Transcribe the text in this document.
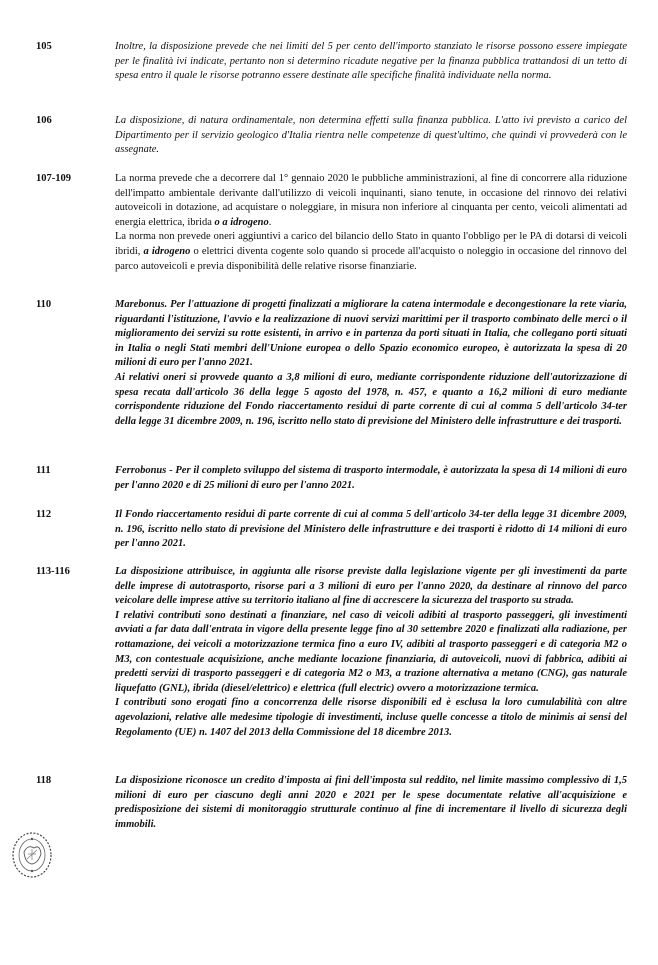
105	Inoltre, la disposizione prevede che nei limiti del 5 per cento dell'importo stanziato le risorse possono essere impiegate per le finalità ivi indicate, pertanto non si determino ricadute negative per la finanza pubblica trattandosi di un tetto di spesa entro il quale le risorse potranno essere destinate alle specifiche finalità individuate nella norma.

106	La disposizione, di natura ordinamentale, non determina effetti sulla finanza pubblica. L'atto ivi previsto a carico del Dipartimento per il servizio geologico d'Italia rientra nelle competenze di quest'ultimo, che quindi vi provvederà con le assegnate.

107-109	La norma prevede che a decorrere dal 1° gennaio 2020 le pubbliche amministrazioni, al fine di concorrere alla riduzione dell'impatto ambientale derivante dall'utilizzo di veicoli inquinanti, siano tenute, in occasione del rinnovo dei relativi autoveicoli in dotazione, ad acquistare o noleggiare, in misura non inferiore al cinquanta per cento, veicoli alimentati ad energia elettrica, ibrida o a idrogeno.

La norma non prevede oneri aggiuntivi a carico del bilancio dello Stato in quanto l'obbligo per le PA di dotarsi di veicoli ibridi, a idrogeno o elettrici diventa cogente solo quando si procede all'acquisto o noleggio in occasione del rinnovo del parco autoveicoli e previa disponibilità delle relative risorse finanziarie.

110	Marebonus. Per l'attuazione di progetti finalizzati a migliorare la catena intermodale e decongestionare la rete viaria, riguardanti l'istituzione, l'avvio e la realizzazione di nuovi servizi marittimi per il trasporto combinato delle merci o il miglioramento dei servizi su rotte esistenti, in arrivo e in partenza da porti situati in Italia, che collegano porti situati in Italia o negli Stati membri dell'Unione europea o dello Spazio economico europeo, è autorizzata la spesa di 20 milioni di euro per l'anno 2021.

Ai relativi oneri si provvede quanto a 3,8 milioni di euro, mediante corrispondente riduzione dell'autorizzazione di spesa recata dall'articolo 36 della legge 5 agosto del 1978, n. 457, e quanto a 16,2 milioni di euro mediante corrispondente riduzione del Fondo riaccertamento residui di parte corrente di cui al comma 5 dell'articolo 34-ter della legge 31 dicembre 2009, n. 196, iscritto nello stato di previsione del Ministero delle infrastrutture e dei trasporti.

111	Ferrobonus - Per il completo sviluppo del sistema di trasporto intermodale, è autorizzata la spesa di 14 milioni di euro per l'anno 2020 e di 25 milioni di euro per l'anno 2021.

112	Il Fondo riaccertamento residui di parte corrente di cui al comma 5 dell'articolo 34-ter della legge 31 dicembre 2009, n. 196, iscritto nello stato di previsione del Ministero delle infrastrutture e dei trasporti è ridotto di 14 milioni di euro per l'anno 2021.

113-116	La disposizione attribuisce, in aggiunta alle risorse previste dalla legislazione vigente per gli investimenti da parte delle imprese di autotrasporto, risorse pari a 3 milioni di euro per l'anno 2020, da destinare al rinnovo del parco veicolare delle imprese attive su territorio italiano al fine di accrescere la sicurezza del trasporto su strada.

I relativi contributi sono destinati a finanziare, nel caso di veicoli adibiti al trasporto passeggeri, gli investimenti avviati a far data dall'entrata in vigore della presente legge fino al 30 settembre 2020 e finalizzati alla radiazione, per rottamazione, dei veicoli a motorizzazione termica fino a euro IV, adibiti al trasporto passeggeri e di categoria M2 o M3, con contestuale acquisizione, anche mediante locazione finanziaria, di autoveicoli, nuovi di fabbrica, adibiti ai predetti servizi di trasporto passeggeri e di categoria M2 o M3, a trazione alternativa a metano (CNG), gas naturale liquefatto (GNL), ibrida (diesel/elettrico) e elettrica (full electric) ovvero a motorizzazione termica.

I contributi sono erogati fino a concorrenza delle risorse disponibili ed è esclusa la loro cumulabilità con altre agevolazioni, relative alle medesime tipologie di investimenti, incluse quelle concesse a titolo de minimis ai sensi del Regolamento (UE) n. 1407 del 2013 della Commissione del 18 dicembre 2013.

118	La disposizione riconosce un credito d'imposta ai fini dell'imposta sul reddito, nel limite massimo complessivo di 1,5 milioni di euro per ciascuno degli anni 2020 e 2021 per le spese documentate relative all'acquisizione e predisposizione dei sistemi di monitoraggio strutturale continuo al fine di incrementare il livello di sicurezza degli immobili.
